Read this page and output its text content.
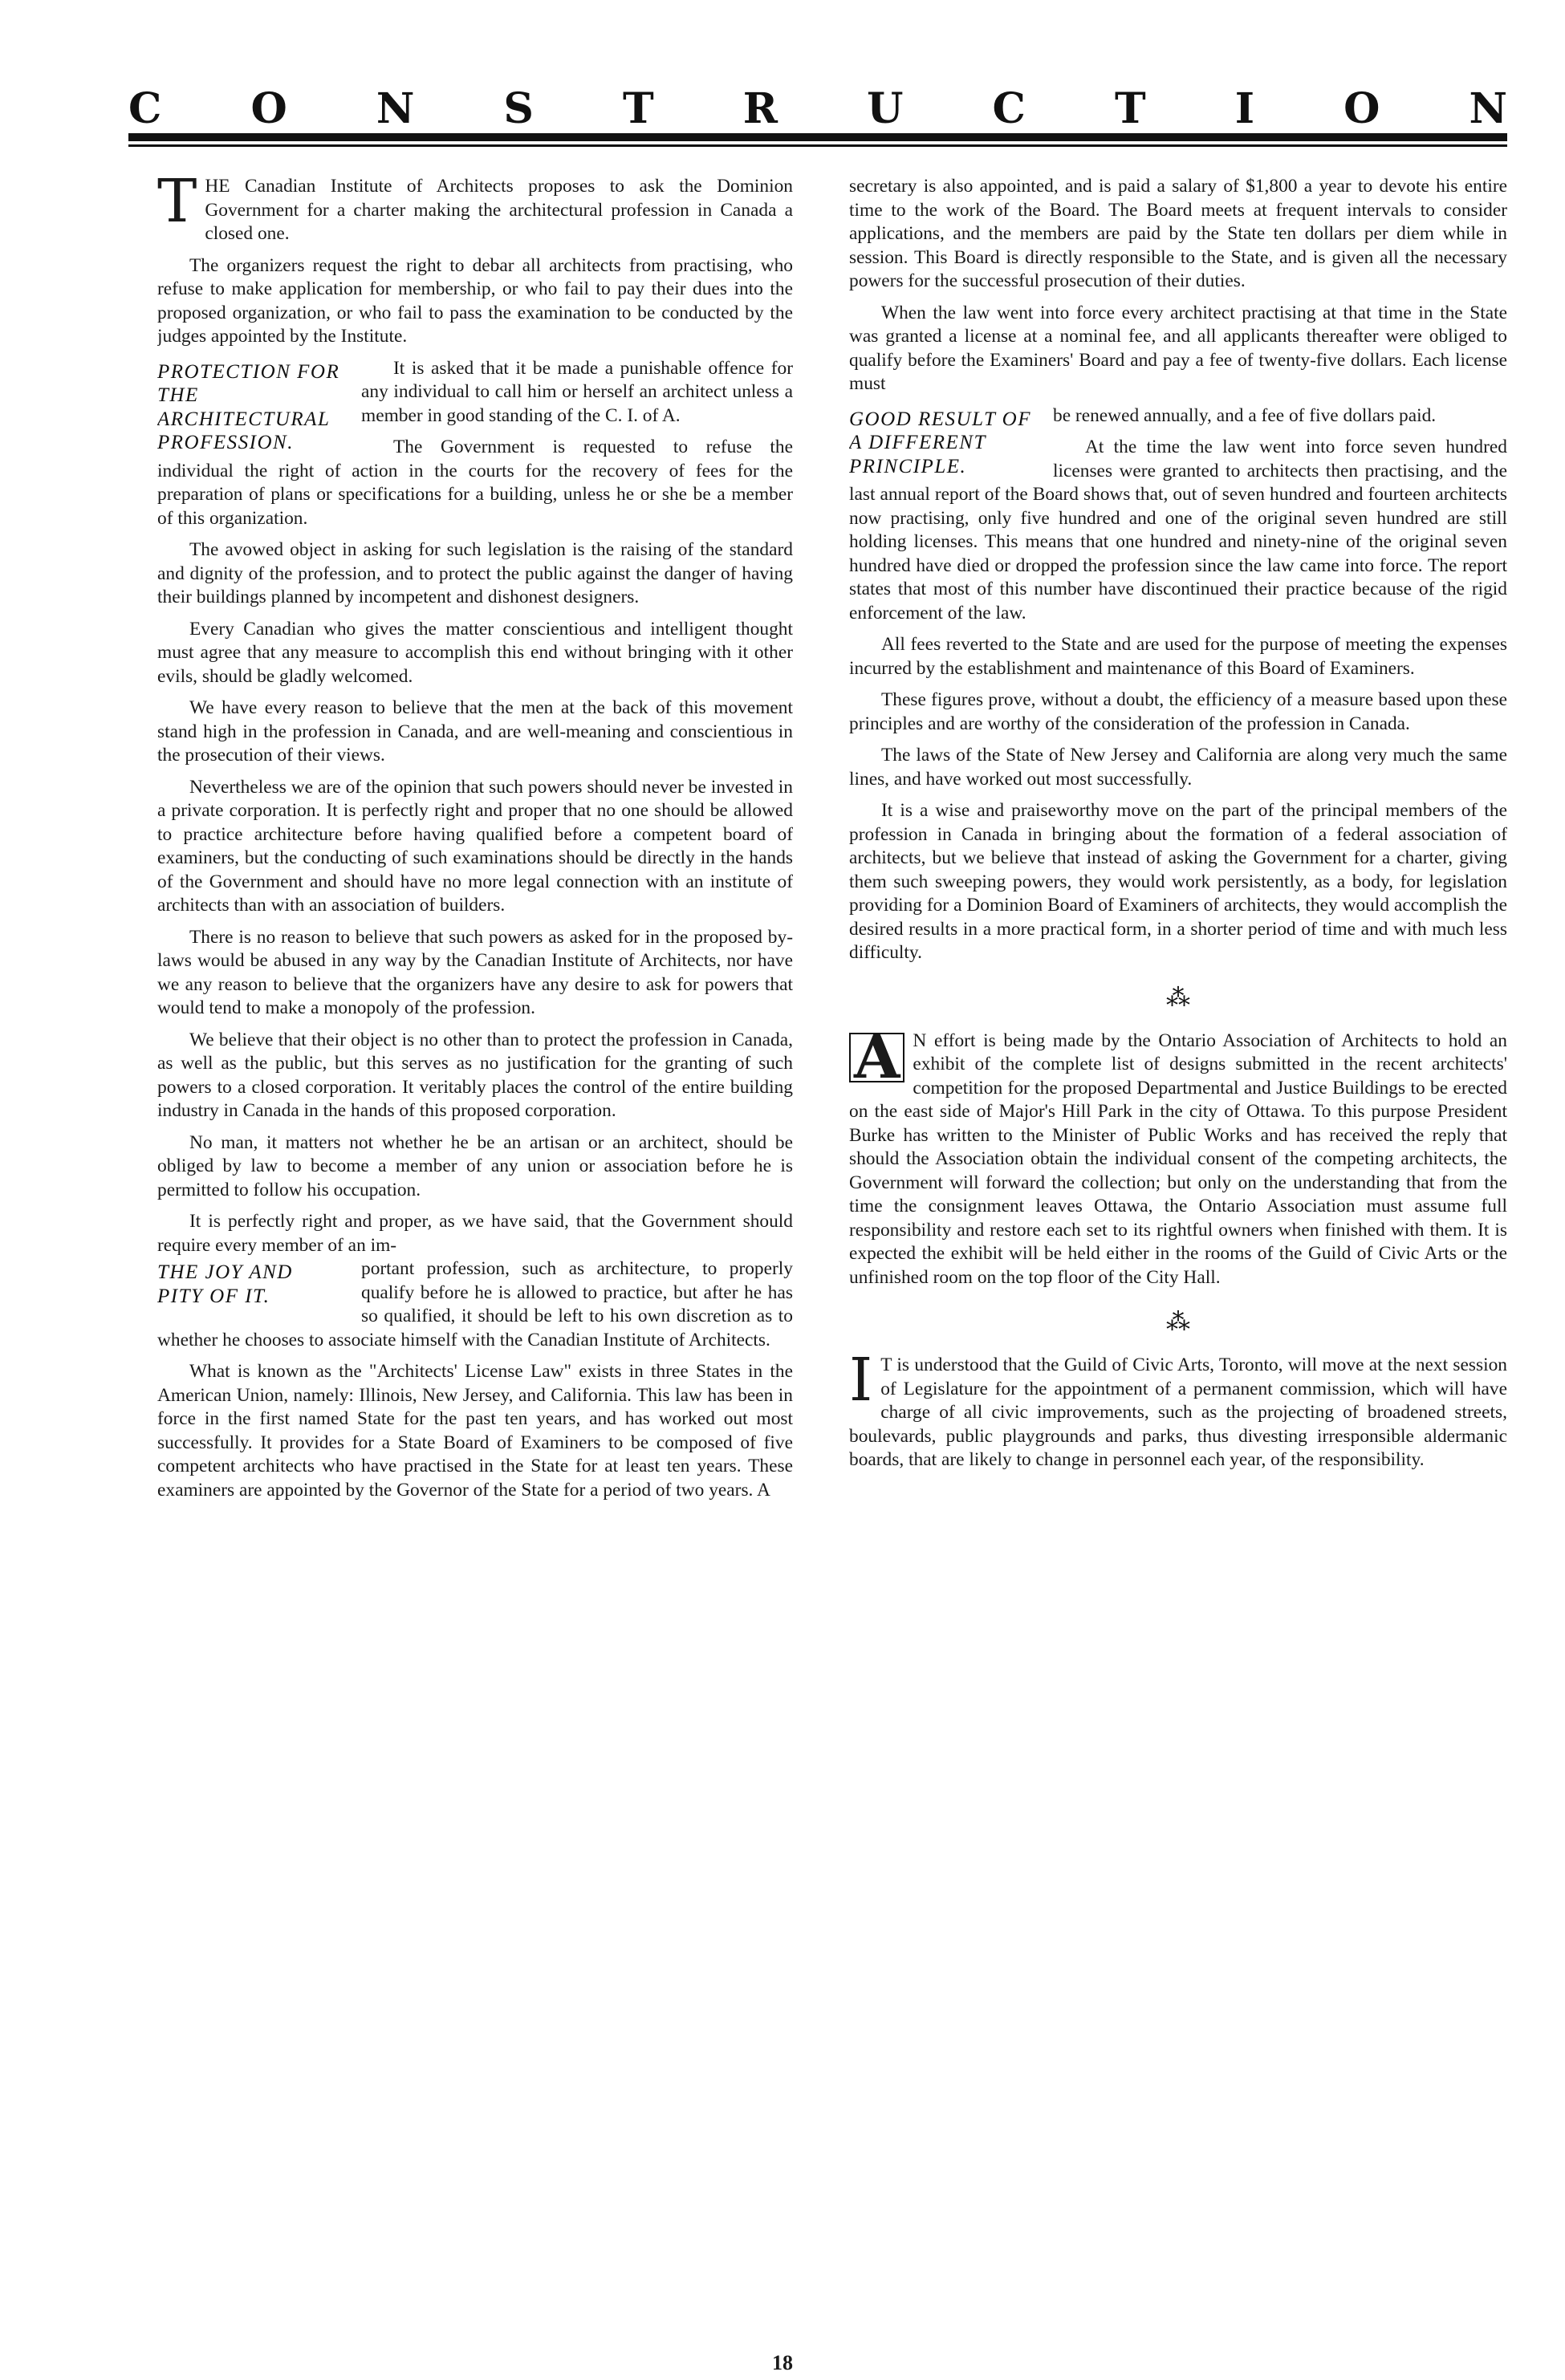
C O N S T R U C T I O N

THE Canadian Institute of Architects proposes to ask the Dominion Government for a charter making the architectural profession in Canada a closed one.

The organizers request the right to debar all architects from practising, who refuse to make application for membership, or who fail to pay their dues into the proposed organization, or who fail to pass the examination to be conducted by the judges appointed by the Institute.

PROTECTION FOR THE ARCHITECTURAL PROFESSION.

It is asked that it be made a punishable offence for any individual to call him or herself an architect unless a member in good standing of the C. I. of A.

The Government is requested to refuse the individual the right of action in the courts for the recovery of fees for the preparation of plans or specifications for a building, unless he or she be a member of this organization.

The avowed object in asking for such legislation is the raising of the standard and dignity of the profession, and to protect the public against the danger of having their buildings planned by incompetent and dishonest designers.

Every Canadian who gives the matter conscientious and intelligent thought must agree that any measure to accomplish this end without bringing with it other evils, should be gladly welcomed.

We have every reason to believe that the men at the back of this movement stand high in the profession in Canada, and are well-meaning and conscientious in the prosecution of their views.

Nevertheless we are of the opinion that such powers should never be invested in a private corporation. It is perfectly right and proper that no one should be allowed to practice architecture before having qualified before a competent board of examiners, but the conducting of such examinations should be directly in the hands of the Government and should have no more legal connection with an institute of architects than with an association of builders.

There is no reason to believe that such powers as asked for in the proposed by-laws would be abused in any way by the Canadian Institute of Architects, nor have we any reason to believe that the organizers have any desire to ask for powers that would tend to make a monopoly of the profession.

We believe that their object is no other than to protect the profession in Canada, as well as the public, but this serves as no justification for the granting of such powers to a closed corporation. It veritably places the control of the entire building industry in Canada in the hands of this proposed corporation.

No man, it matters not whether he be an artisan or an architect, should be obliged by law to become a member of any union or association before he is permitted to follow his occupation.

It is perfectly right and proper, as we have said, that the Government should require every member of an im-

THE JOY AND PITY OF IT.

portant profession, such as architecture, to properly qualify before he is allowed to practice, but after he has so qualified, it should be left to his own discretion as to whether he chooses to associate himself with the Canadian Institute of Architects.

What is known as the "Architects' License Law" exists in three States in the American Union, namely: Illinois, New Jersey, and California. This law has been in force in the first named State for the past ten years, and has worked out most successfully. It provides for a State Board of Examiners to be composed of five competent architects who have practised in the State for at least ten years. These examiners are appointed by the Governor of the State for a period of two years. A

secretary is also appointed, and is paid a salary of $1,800 a year to devote his entire time to the work of the Board. The Board meets at frequent intervals to consider applications, and the members are paid by the State ten dollars per diem while in session. This Board is directly responsible to the State, and is given all the necessary powers for the successful prosecution of their duties.

When the law went into force every architect practising at that time in the State was granted a license at a nominal fee, and all applicants thereafter were obliged to qualify before the Examiners' Board and pay a fee of twenty-five dollars. Each license must

GOOD RESULT OF A DIFFERENT PRINCIPLE.

be renewed annually, and a fee of five dollars paid.

At the time the law went into force seven hundred licenses were granted to architects then practising, and the last annual report of the Board shows that, out of seven hundred and fourteen architects now practising, only five hundred and one of the original seven hundred are still holding licenses. This means that one hundred and ninety-nine of the original seven hundred have died or dropped the profession since the law came into force. The report states that most of this number have discontinued their practice because of the rigid enforcement of the law.

All fees reverted to the State and are used for the purpose of meeting the expenses incurred by the establishment and maintenance of this Board of Examiners.

These figures prove, without a doubt, the efficiency of a measure based upon these principles and are worthy of the consideration of the profession in Canada.

The laws of the State of New Jersey and California are along very much the same lines, and have worked out most successfully.

It is a wise and praiseworthy move on the part of the principal members of the profession in Canada in bringing about the formation of a federal association of architects, but we believe that instead of asking the Government for a charter, giving them such sweeping powers, they would work persistently, as a body, for legislation providing for a Dominion Board of Examiners of architects, they would accomplish the desired results in a more practical form, in a shorter period of time and with much less difficulty.

⁂

A N effort is being made by the Ontario Association of Architects to hold an exhibit of the complete list of designs submitted in the recent architects' competition for the proposed Departmental and Justice Buildings to be erected on the east side of Major's Hill Park in the city of Ottawa. To this purpose President Burke has written to the Minister of Public Works and has received the reply that should the Association obtain the individual consent of the competing architects, the Government will forward the collection; but only on the understanding that from the time the consignment leaves Ottawa, the Ontario Association must assume full responsibility and restore each set to its rightful owners when finished with them. It is expected the exhibit will be held either in the rooms of the Guild of Civic Arts or the unfinished room on the top floor of the City Hall.

⁂

I T is understood that the Guild of Civic Arts, Toronto, will move at the next session of Legislature for the appointment of a permanent commission, which will have charge of all civic improvements, such as the projecting of broadened streets, boulevards, public playgrounds and parks, thus divesting irresponsible aldermanic boards, that are likely to change in personnel each year, of the responsibility.

18
